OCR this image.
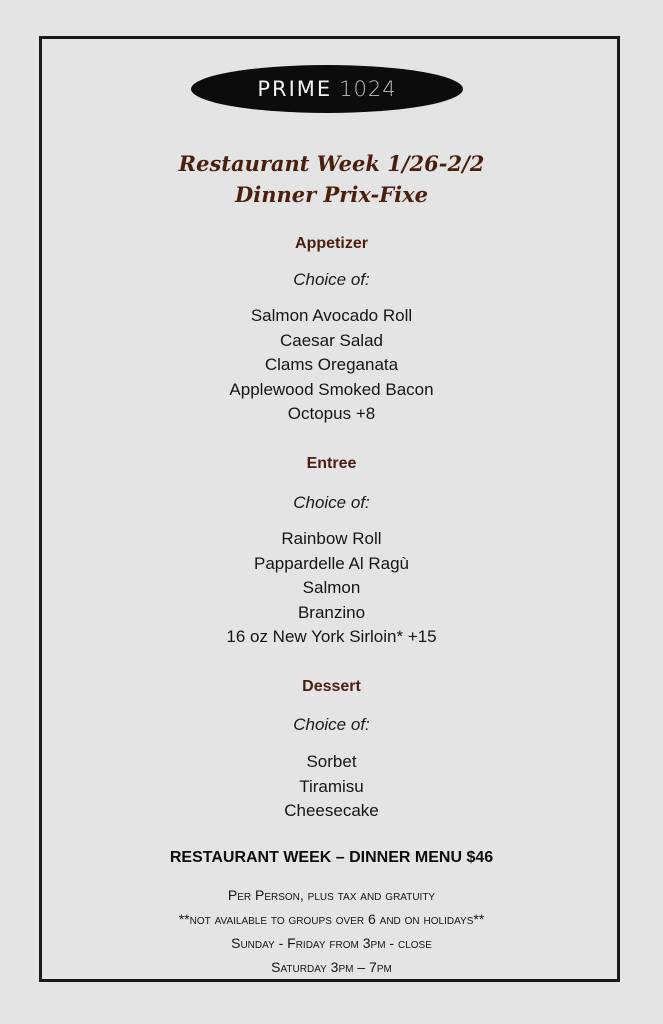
PRIME 1024
Restaurant Week 1/26-2/2
Dinner Prix-Fixe
Appetizer
Choice of:
Salmon Avocado Roll
Caesar Salad
Clams Oreganata
Applewood Smoked Bacon
Octopus +8
Entree
Choice of:
Rainbow Roll
Pappardelle Al Ragù
Salmon
Branzino
16 oz New York Sirloin* +15
Dessert
Choice of:
Sorbet
Tiramisu
Cheesecake
RESTAURANT WEEK – DINNER MENU $46
Per Person, plus tax and gratuity
**not available to groups over 6 and on holidays**
Sunday - Friday from 3pm - close
Saturday 3pm – 7pm
